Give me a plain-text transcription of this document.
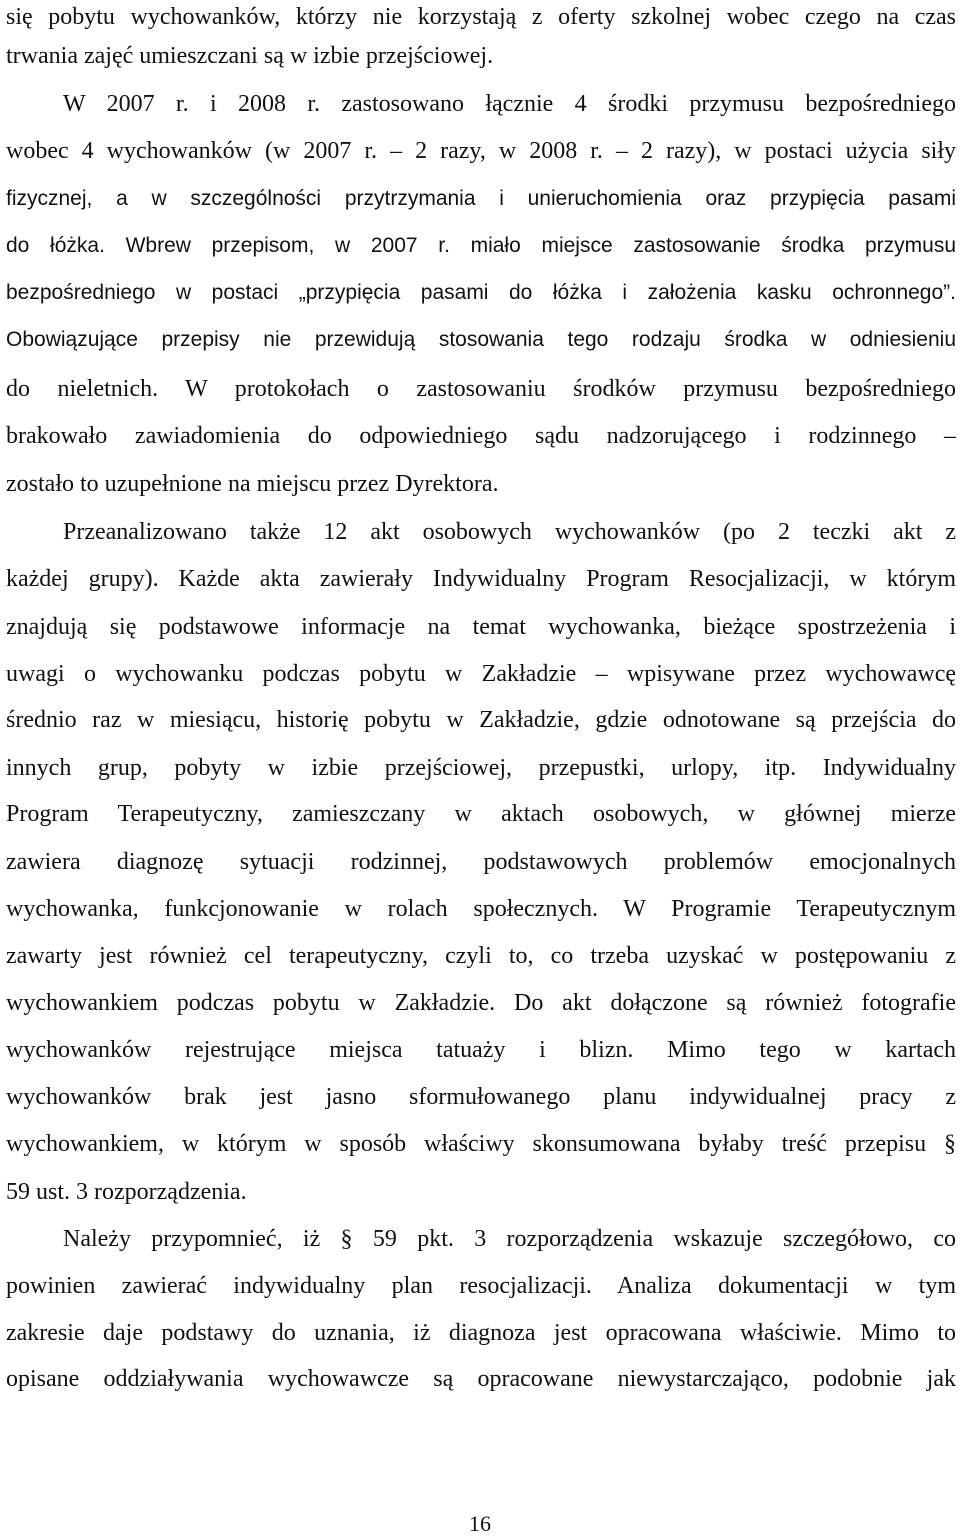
się pobytu wychowanków, którzy nie korzystają z oferty szkolnej wobec czego na czas
trwania zajęć umieszczani są w izbie przejściowej.
W 2007 r. i 2008 r. zastosowano łącznie 4 środki przymusu bezpośredniego
wobec 4 wychowanków (w 2007 r. – 2 razy, w 2008 r. – 2 razy), w postaci użycia siły
fizycznej, a w szczególności przytrzymania i unieruchomienia oraz przypięcia pasami
do łóżka. Wbrew przepisom, w 2007 r. miało miejsce zastosowanie środka przymusu
bezpośredniego w postaci „przypięcia pasami do łóżka i założenia kasku ochronnego”.
Obowiązujące przepisy nie przewidują stosowania tego rodzaju środka w odniesieniu
do nieletnich. W protokołach o zastosowaniu środków przymusu bezpośredniego
brakowało zawiadomienia do odpowiedniego sądu nadzorującego i rodzinnego –
zostało to uzupełnione na miejscu przez Dyrektora.
Przeanalizowano także 12 akt osobowych wychowanków (po 2 teczki akt z
każdej grupy). Każde akta zawierały Indywidualny Program Resocjalizacji, w którym
znajdują się podstawowe informacje na temat wychowanka, bieżące spostrzeżenia i
uwagi o wychowanku podczas pobytu w Zakładzie – wpisywane przez wychowawcę
średnio raz w miesiącu, historię pobytu w Zakładzie, gdzie odnotowane są przejścia do
innych grup, pobyty w izbie przejściowej, przepustki, urlopy, itp. Indywidualny
Program Terapeutyczny, zamieszczany w aktach osobowych, w głównej mierze
zawiera diagnozę sytuacji rodzinnej, podstawowych problemów emocjonalnych
wychowanka, funkcjonowanie w rolach społecznych. W Programie Terapeutycznym
zawarty jest również cel terapeutyczny, czyli to, co trzeba uzyskać w postępowaniu z
wychowankiem podczas pobytu w Zakładzie. Do akt dołączone są również fotografie
wychowanków rejestrujące miejsca tatuaży i blizn. Mimo tego w kartach
wychowanków brak jest jasno sformułowanego planu indywidualnej pracy z
wychowankiem, w którym w sposób właściwy skonsumowana byłaby treść przepisu §
59 ust. 3 rozporządzenia.
Należy przypomnieć, iż § 59 pkt. 3 rozporządzenia wskazuje szczegółowo, co
powinien zawierać indywidualny plan resocjalizacji. Analiza dokumentacji w tym
zakresie daje podstawy do uznania, iż diagnoza jest opracowana właściwie. Mimo to
opisane oddziaływania wychowawcze są opracowane niewystarczająco, podobnie jak
16
